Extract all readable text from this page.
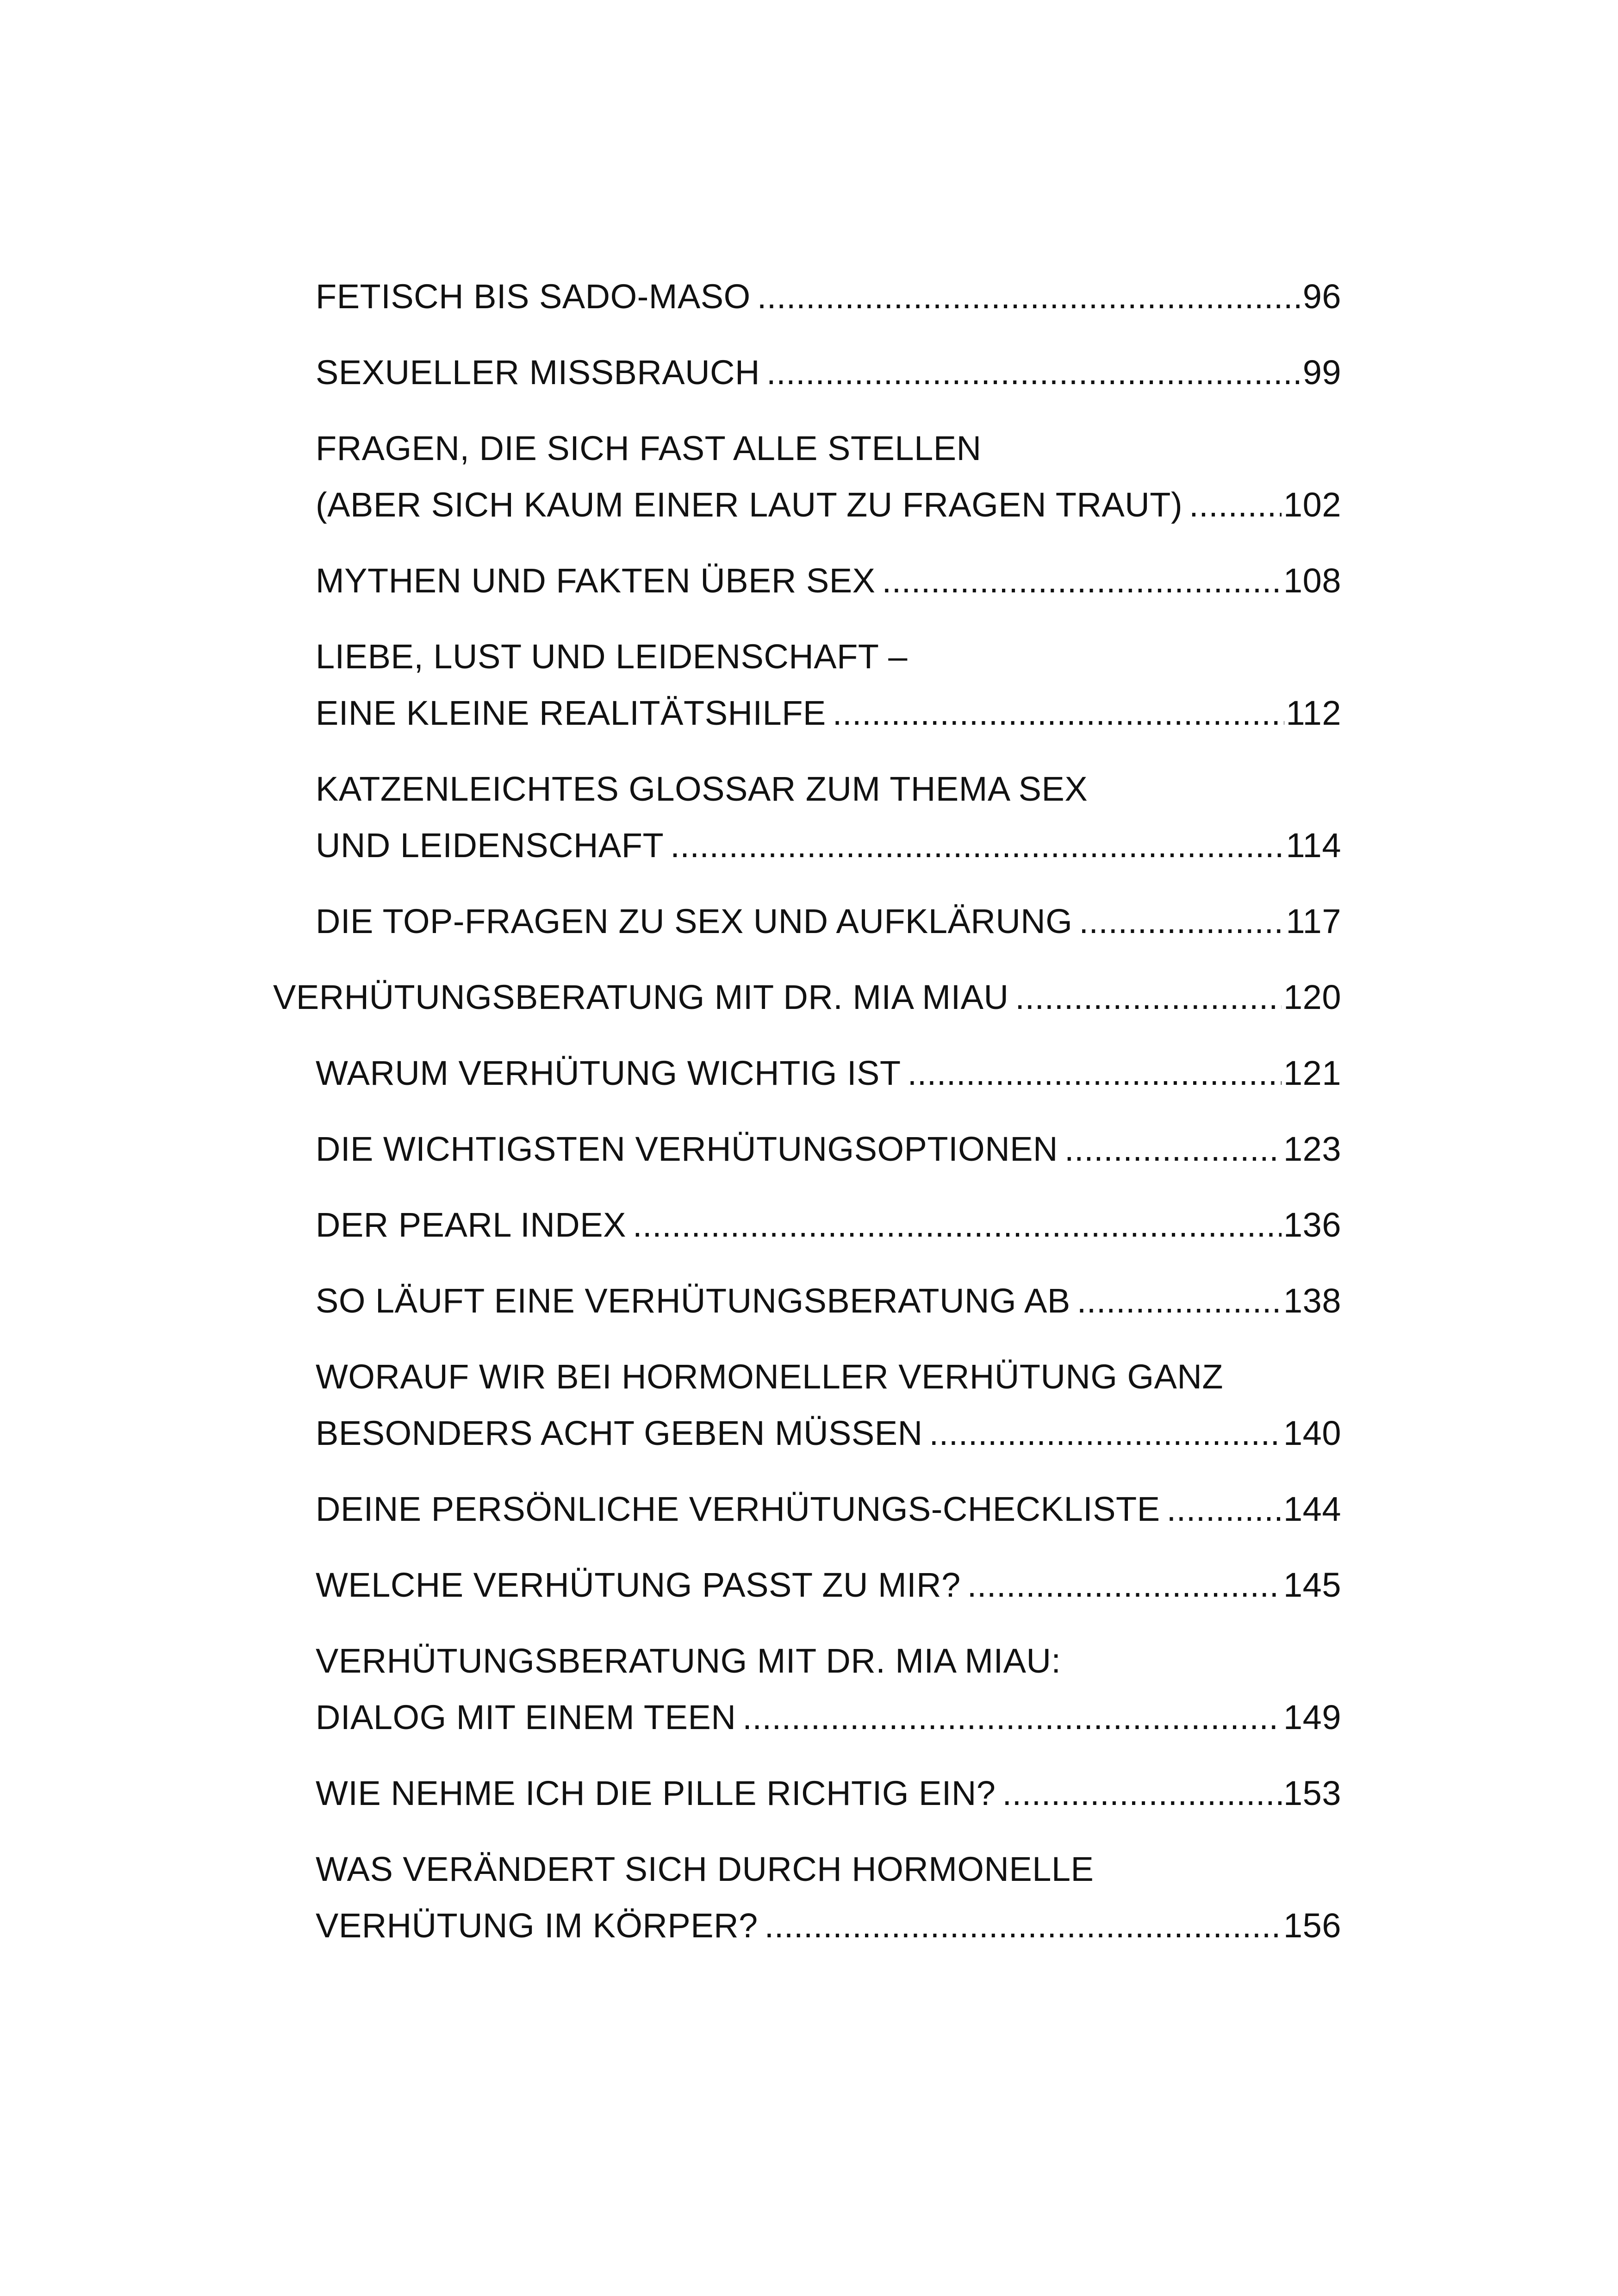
FETISCH BIS SADO-MASO .....	96
SEXUELLER MISSBRAUCH .....	99
FRAGEN, DIE SICH FAST ALLE STELLEN
(ABER SICH KAUM EINER LAUT ZU FRAGEN TRAUT) .....	102
MYTHEN UND FAKTEN ÜBER SEX .....	108
LIEBE, LUST UND LEIDENSCHAFT –
EINE KLEINE REALITÄTSHILFE .....	112
KATZENLEICHTES GLOSSAR ZUM THEMA SEX
UND LEIDENSCHAFT .....	114
DIE TOP-FRAGEN ZU SEX UND AUFKLÄRUNG .....	117
VERHÜTUNGSBERATUNG MIT DR. MIA MIAU .....	120
WARUM VERHÜTUNG WICHTIG IST .....	121
DIE WICHTIGSTEN VERHÜTUNGSOPTIONEN .....	123
DER PEARL INDEX .....	136
SO LÄUFT EINE VERHÜTUNGSBERATUNG AB .....	138
WORAUF WIR BEI HORMONELLER VERHÜTUNG GANZ
BESONDERS ACHT GEBEN MÜSSEN .....	140
DEINE PERSÖNLICHE VERHÜTUNGS-CHECKLISTE .....	144
WELCHE VERHÜTUNG PASST ZU MIR? .....	145
VERHÜTUNGSBERATUNG MIT DR. MIA MIAU:
DIALOG MIT EINEM TEEN .....	149
WIE NEHME ICH DIE PILLE RICHTIG EIN? .....	153
WAS VERÄNDERT SICH DURCH HORMONELLE
VERHÜTUNG IM KÖRPER? .....	156
